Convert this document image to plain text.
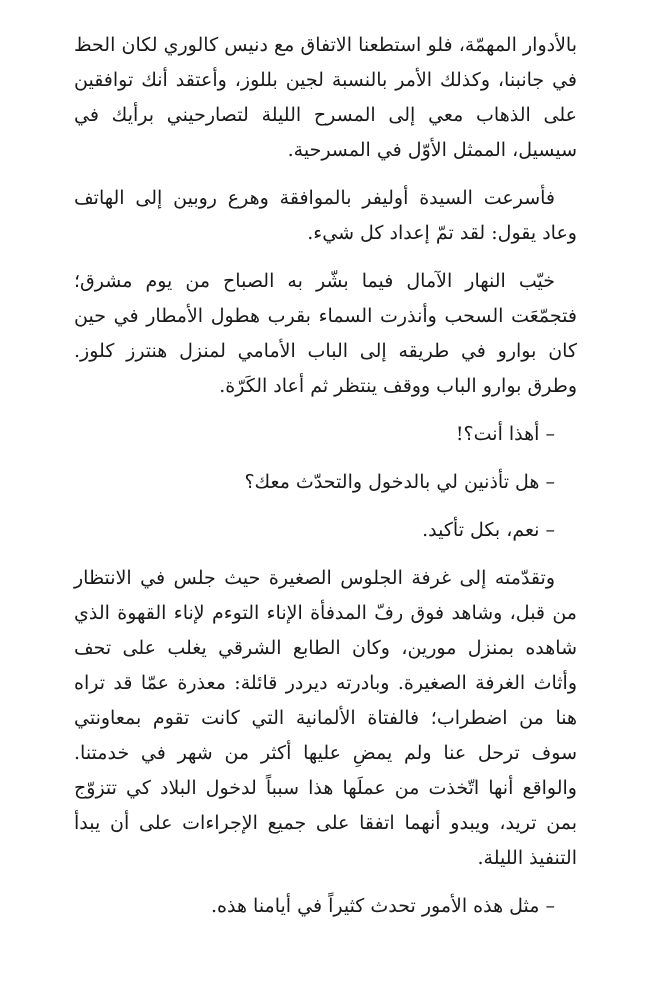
بالأدوار المهمّة، فلو استطعنا الاتفاق مع دنيس كالوري لكان الحظ في جانبنا، وكذلك الأمر بالنسبة لجين بللوز، وأعتقد أنك توافقين على الذهاب معي إلى المسرح الليلة لتصارحيني برأيك في سيسيل، الممثل الأوّل في المسرحية.

فأسرعت السيدة أوليفر بالموافقة وهرع روبين إلى الهاتف وعاد يقول: لقد تمّ إعداد كل شيء.

خيّب النهار الآمال فيما بشّر به الصباح من يوم مشرق؛ فتجمّعَت السحب وأنذرت السماء بقرب هطول الأمطار في حين كان بوارو في طريقه إلى الباب الأمامي لمنزل هنترز كلوز. وطرق بوارو الباب ووقف ينتظر ثم أعاد الكَرّة.

– أهذا أنت؟!

– هل تأذنين لي بالدخول والتحدّث معك؟

– نعم، بكل تأكيد.

وتقدّمته إلى غرفة الجلوس الصغيرة حيث جلس في الانتظار من قبل، وشاهد فوق رفّ المدفأة الإناء التوءم لإناء القهوة الذي شاهده بمنزل مورين، وكان الطابع الشرقي يغلب على تحف وأثاث الغرفة الصغيرة. وبادرته ديردر قائلة: معذرة عمّا قد تراه هنا من اضطراب؛ فالفتاة الألمانية التي كانت تقوم بمعاونتي سوف ترحل عنا ولم يمضِ عليها أكثر من شهر في خدمتنا. والواقع أنها اتّخذت من عملَها هذا سبباً لدخول البلاد كي تتزوّج بمن تريد، ويبدو أنهما اتفقا على جميع الإجراءات على أن يبدأ التنفيذ الليلة.

– مثل هذه الأمور تحدث كثيراً في أيامنا هذه.
